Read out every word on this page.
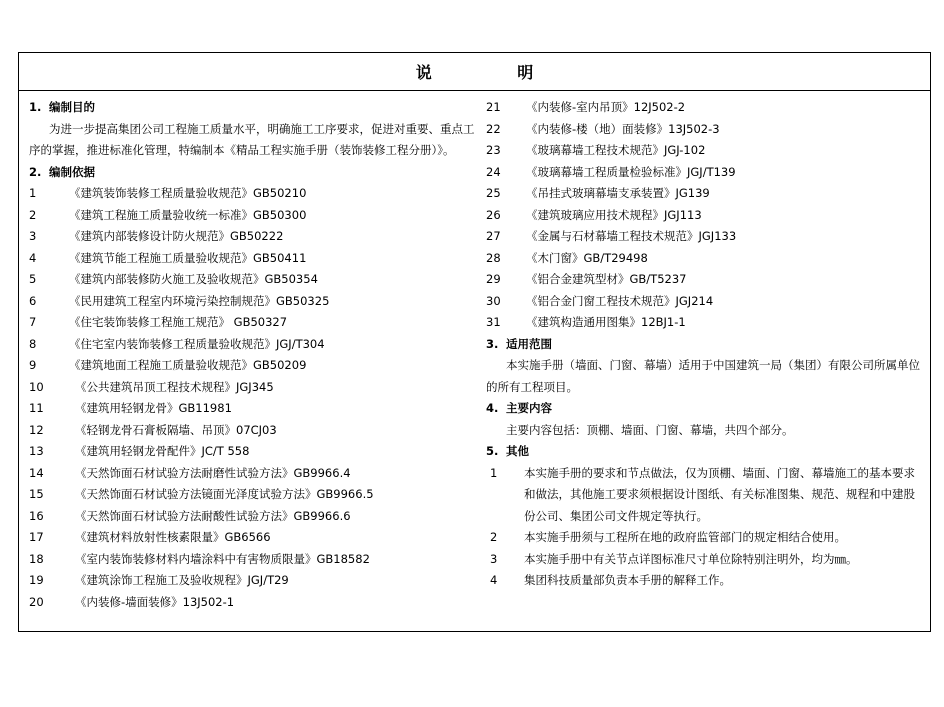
说 明
1. 编制目的
为进一步提高集团公司工程施工质量水平，明确施工工序要求，促进对重要、重点工序的掌握，推进标准化管理，特编制本《精品工程实施手册（装饰装修工程分册）》。
2. 编制依据
1	《建筑装饰装修工程质量验收规范》GB50210
2	《建筑工程施工质量验收统一标准》GB50300
3	《建筑内部装修设计防火规范》GB50222
4	《建筑节能工程施工质量验收规范》GB50411
5	《建筑内部装修防火施工及验收规范》GB50354
6	《民用建筑工程室内环境污染控制规范》GB50325
7	《住宅装饰装修工程施工规范》 GB50327
8	《住宅室内装饰装修工程质量验收规范》JGJ/T304
9	《建筑地面工程施工质量验收规范》GB50209
10	《公共建筑吊顶工程技术规程》JGJ345
11	《建筑用轻钢龙骨》GB11981
12	《轻钢龙骨石膏板隔墙、吊顶》07CJ03
13	《建筑用轻钢龙骨配件》JC/T 558
14	《天然饰面石材试验方法耐磨性试验方法》GB9966.4
15	《天然饰面石材试验方法镜面光泽度试验方法》GB9966.5
16	《天然饰面石材试验方法耐酸性试验方法》GB9966.6
17	《建筑材料放射性核素限量》GB6566
18	《室内装饰装修材料内墙涂料中有害物质限量》GB18582
19	《建筑涂饰工程施工及验收规程》JGJ/T29
20	《内装修-墙面装修》13J502-1
21	《内装修-室内吊顶》12J502-2
22	《内装修-楼（地）面装修》13J502-3
23	《玻璃幕墙工程技术规范》JGJ-102
24	《玻璃幕墙工程质量检验标准》JGJ/T139
25	《吊挂式玻璃幕墙支承装置》JG139
26	《建筑玻璃应用技术规程》JGJ113
27	《金属与石材幕墙工程技术规范》JGJ133
28	《木门窗》GB/T29498
29	《铝合金建筑型材》GB/T5237
30	《铝合金门窗工程技术规范》JGJ214
31	《建筑构造通用图集》12BJ1-1
3. 适用范围
本实施手册（墙面、门窗、幕墙）适用于中国建筑一局（集团）有限公司所属单位的所有工程项目。
4. 主要内容
主要内容包括：顶棚、墙面、门窗、幕墙，共四个部分。
5. 其他
1	本实施手册的要求和节点做法，仅为顶棚、墙面、门窗、幕墙施工的基本要求和做法，其他施工要求须根据设计图纸、有关标准图集、规范、规程和中建股份公司、集团公司文件规定等执行。
2	本实施手册须与工程所在地的政府监管部门的规定相结合使用。
3	本实施手册中有关节点详图标准尺寸单位除特别注明外，均为㎜。
4	集团科技质量部负责本手册的解释工作。
